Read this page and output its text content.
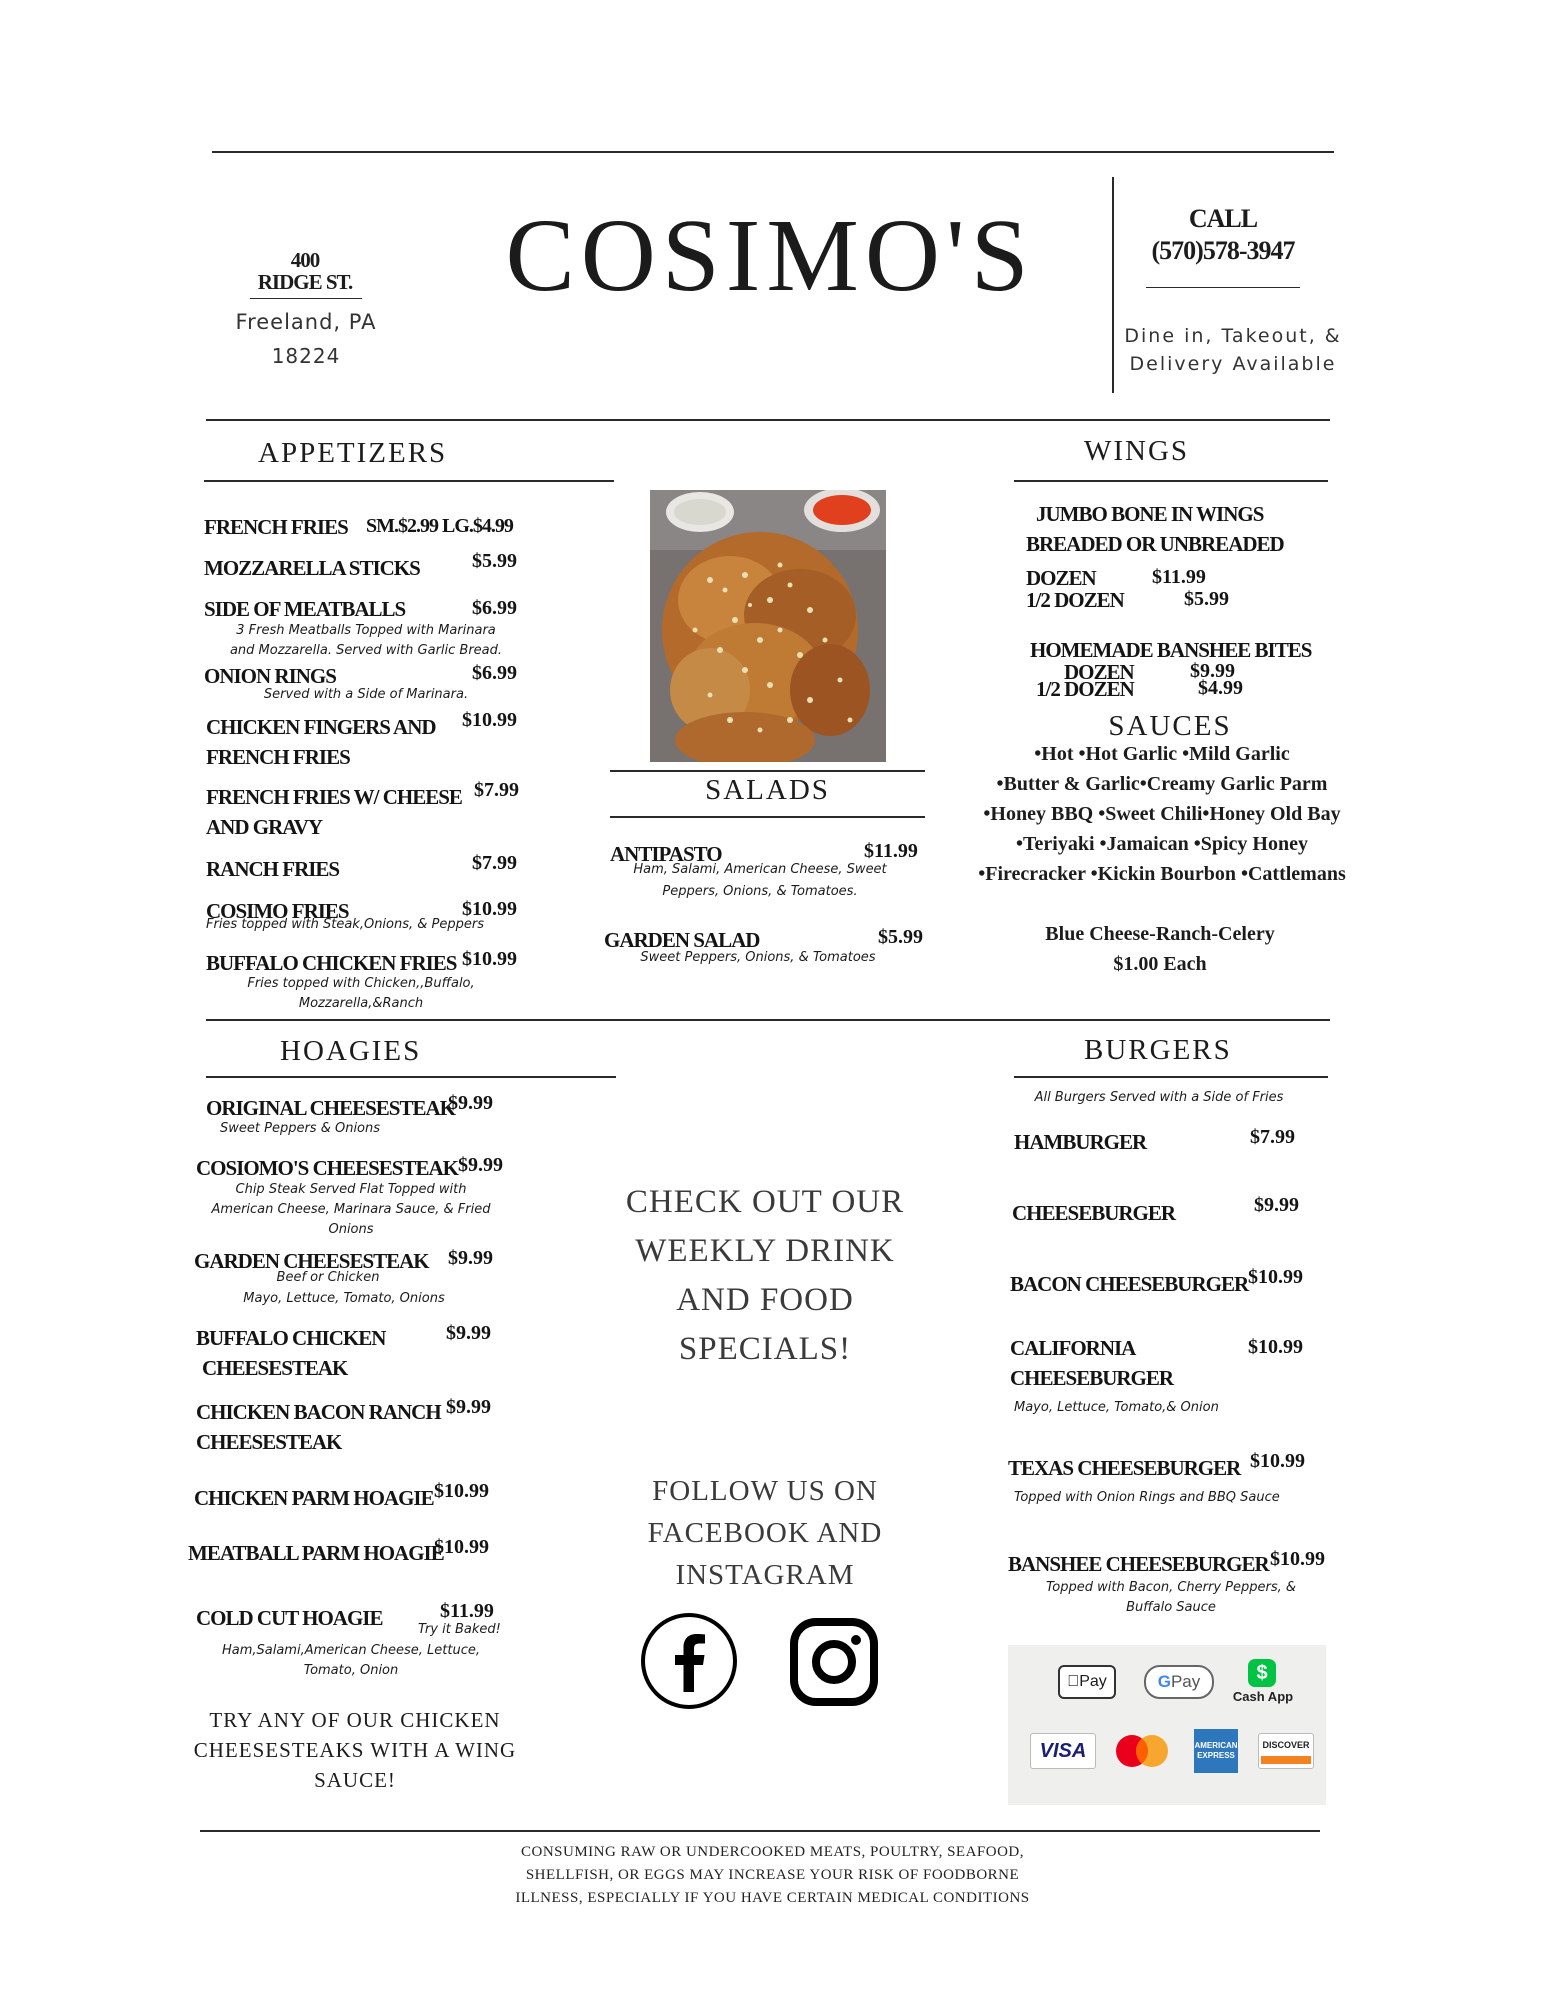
400
RIDGE ST.
Freeland, PA
18224
COSIMO'S	CALL
(570)578-3947
Dine in, Takeout, &
Delivery Available
APPETIZERS
FRENCH FRIES SM.$2.99 LG.$4.99
MOZZARELLA STICKS	$5.99
SIDE OF MEATBALLS	$6.99
3 Fresh Meatballs Topped with Marinara
and Mozzarella. Served with Garlic Bread.
ONION RINGS	$6.99
Served with a Side of Marinara.
CHICKEN FINGERS AND
FRENCH FRIES
$10.99
FRENCH FRIES W/ CHEESE
AND GRAVY
$7.99
RANCH FRIES	$7.99
COSIMO FRIES	$10.99
Fries topped with Steak,Onions, & Peppers
BUFFALO CHICKEN FRIES $10.99
Fries topped with Chicken,,Buffalo,
Mozzarella,&Ranch
SALADS
ANTIPASTO	$11.99
Ham, Salami, American Cheese, Sweet
Peppers, Onions, & Tomatoes.
GARDEN SALAD	$5.99
Sweet Peppers, Onions, & Tomatoes
WINGS
JUMBO BONE IN WINGS
BREADED OR UNBREADED
DOZEN	$11.99
1/2 DOZEN	$5.99
HOMEMADE BANSHEE BITES
DOZEN	$9.99
1/2 DOZEN	$4.99
SAUCES
•Hot •Hot Garlic •Mild Garlic
•Butter & Garlic•Creamy Garlic Parm
•Honey BBQ •Sweet Chili•Honey Old Bay
•Teriyaki •Jamaican •Spicy Honey
•Firecracker •Kickin Bourbon •Cattlemans
Blue Cheese-Ranch-Celery
$1.00 Each
HOAGIES
ORIGINAL CHEESESTEAK
$9.99
Sweet Peppers & Onions
COSIOMO'S CHEESESTEAK $9.99
Chip Steak Served Flat Topped with
American Cheese, Marinara Sauce, & Fried
Onions
GARDEN CHEESESTEAK $9.99
Beef or Chicken
Mayo, Lettuce, Tomato, Onions
BUFFALO CHICKEN
CHEESESTEAK
$9.99
CHICKEN BACON RANCH
CHEESESTEAK
$9.99
CHICKEN PARM HOAGIE $10.99
MEATBALL PARM HOAGIE
$10.99
COLD CUT HOAGIE	$11.99
Try it Baked!
Ham,Salami,American Cheese, Lettuce,
Tomato, Onion
TRY ANY OF OUR CHICKEN
CHEESESTEAKS WITH A WING
SAUCE!
CHECK OUT OUR
WEEKLY DRINK
AND FOOD
SPECIALS!
FOLLOW US ON
FACEBOOK AND
INSTAGRAM
BURGERS
All Burgers Served with a Side of Fries
HAMBURGER	$7.99
CHEESEBURGER	$9.99
BACON CHEESEBURGER $10.99
CALIFORNIA
CHEESEBURGER
$10.99
Mayo, Lettuce, Tomato,& Onion
TEXAS CHEESEBURGER $10.99
Topped with Onion Rings and BBQ Sauce
BANSHEE CHEESEBURGER $10.99
Topped with Bacon, Cherry Peppers, &
Buffalo Sauce
Pay	GPay	$
Cash App
VISA	AMERICAN
EXPRESS
DISCOVER
CONSUMING RAW OR UNDERCOOKED MEATS, POULTRY, SEAFOOD,
SHELLFISH, OR EGGS MAY INCREASE YOUR RISK OF FOODBORNE
ILLNESS, ESPECIALLY IF YOU HAVE CERTAIN MEDICAL CONDITIONS
